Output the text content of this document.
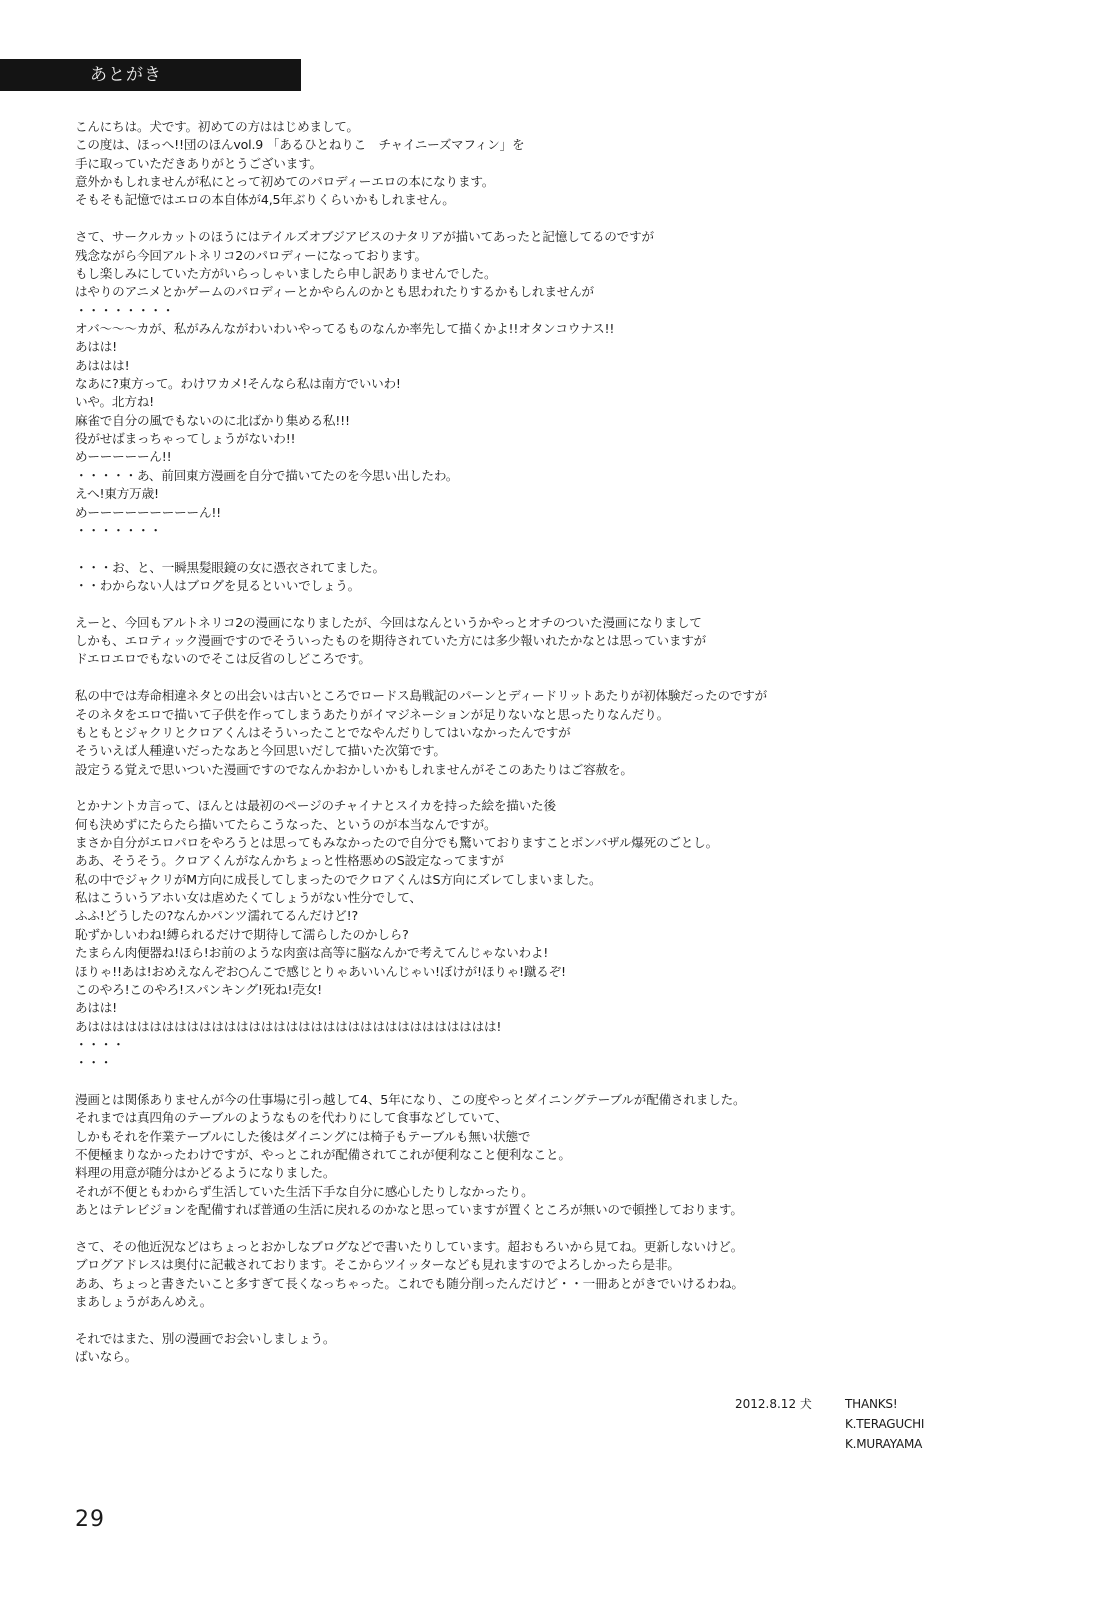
あとがき
こんにちは。犬です。初めての方ははじめまして。
この度は、ほっへ!!団のほんvol.9 「あるひとねりこ　チャイニーズマフィン」を
手に取っていただきありがとうございます。
意外かもしれませんが私にとって初めてのパロディーエロの本になります。
そもそも記憶ではエロの本自体が4,5年ぶりくらいかもしれません。
さて、サークルカットのほうにはテイルズオブジアビスのナタリアが描いてあったと記憶してるのですが
残念ながら今回アルトネリコ2のパロディーになっております。
もし楽しみにしていた方がいらっしゃいましたら申し訳ありませんでした。
はやりのアニメとかゲームのパロディーとかやらんのかとも思われたりするかもしれませんが
・・・・・・・・
オバ～～～カが、私がみんながわいわいやってるものなんか率先して描くかよ!!オタンコウナス!!
あはは!
あははは!
なあに?東方って。わけワカメ!そんなら私は南方でいいわ!
いや。北方ね!
麻雀で自分の風でもないのに北ばかり集める私!!!
役がせばまっちゃってしょうがないわ!!
めーーーーーん!!
・・・・・あ、前回東方漫画を自分で描いてたのを今思い出したわ。
えへ!東方万歳!
めーーーーーーーーーん!!
・・・・・・・
・・・お、と、一瞬黒髪眼鏡の女に憑衣されてました。
・・わからない人はブログを見るといいでしょう。
えーと、今回もアルトネリコ2の漫画になりましたが、今回はなんというかやっとオチのついた漫画になりまして
しかも、エロティック漫画ですのでそういったものを期待されていた方には多少報いれたかなとは思っていますが
ドエロエロでもないのでそこは反省のしどころです。
私の中では寿命相違ネタとの出会いは古いところでロードス島戦記のパーンとディードリットあたりが初体験だったのですが
そのネタをエロで描いて子供を作ってしまうあたりがイマジネーションが足りないなと思ったりなんだり。
もともとジャクリとクロアくんはそういったことでなやんだりしてはいなかったんですが
そういえば人種違いだったなあと今回思いだして描いた次第です。
設定うる覚えで思いついた漫画ですのでなんかおかしいかもしれませんがそこのあたりはご容赦を。
とかナントカ言って、ほんとは最初のページのチャイナとスイカを持った絵を描いた後
何も決めずにたらたら描いてたらこうなった、というのが本当なんですが。
まさか自分がエロパロをやろうとは思ってもみなかったので自分でも驚いておりますことボンバザル爆死のごとし。
ああ、そうそう。クロアくんがなんかちょっと性格悪めのS設定なってますが
私の中でジャクリがM方向に成長してしまったのでクロアくんはS方向にズレてしまいました。
私はこういうアホい女は虐めたくてしょうがない性分でして、
ふふ!どうしたの?なんかパンツ濡れてるんだけど!?
恥ずかしいわね!縛られるだけで期待して濡らしたのかしら?
たまらん肉便器ね!ほら!お前のような肉蛮は高等に脳なんかで考えてんじゃないわよ!
ほりゃ!!あは!おめえなんぞお○んこで感じとりゃあいいんじゃい!ぼけが!ほりゃ!蹴るぞ!
このやろ!このやろ!スパンキング!死ね!売女!
あはは!
あははははははははははははははははははははははははははははははははは!
・・・・
・・・
漫画とは関係ありませんが今の仕事場に引っ越して4、5年になり、この度やっとダイニングテーブルが配備されました。
それまでは真四角のテーブルのようなものを代わりにして食事などしていて、
しかもそれを作業テーブルにした後はダイニングには椅子もテーブルも無い状態で
不便極まりなかったわけですが、やっとこれが配備されてこれが便利なこと便利なこと。
料理の用意が随分はかどるようになりました。
それが不便ともわからず生活していた生活下手な自分に感心したりしなかったり。
あとはテレビジョンを配備すれば普通の生活に戻れるのかなと思っていますが置くところが無いので頓挫しております。
さて、その他近況などはちょっとおかしなブログなどで書いたりしています。超おもろいから見てね。更新しないけど。
ブログアドレスは奥付に記載されております。そこからツイッターなども見れますのでよろしかったら是非。
ああ、ちょっと書きたいこと多すぎて長くなっちゃった。これでも随分削ったんだけど・・一冊あとがきでいけるわね。
まあしょうがあんめえ。
それではまた、別の漫画でお会いしましょう。
ばいなら。
2012.8.12 犬	THANKS!
K.TERAGUCHI
K.MURAYAMA
29
